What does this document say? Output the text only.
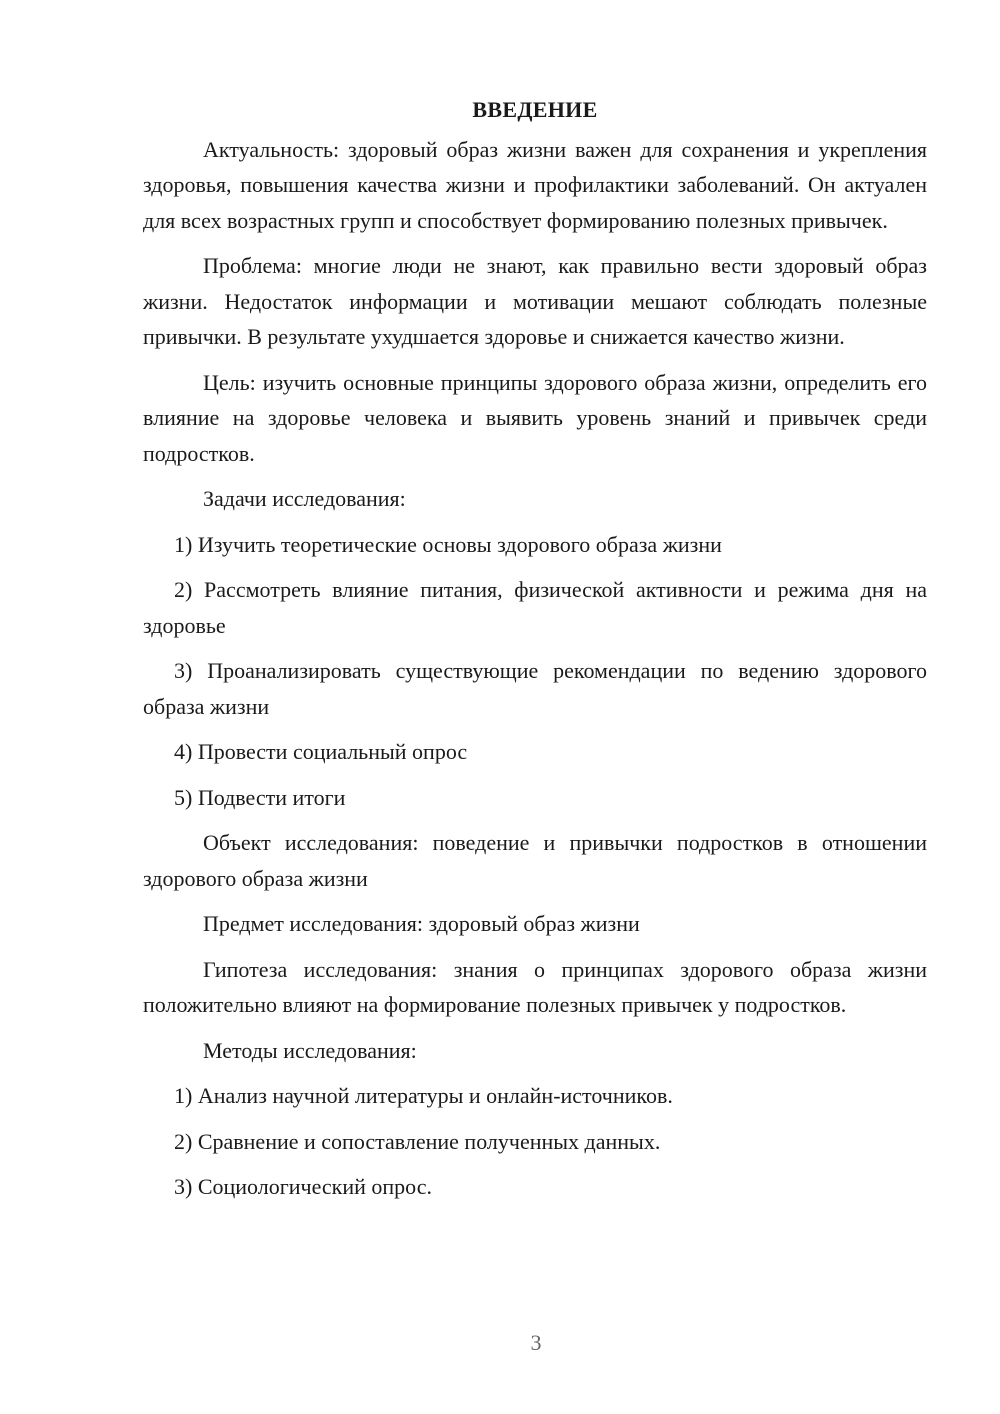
ВВЕДЕНИЕ

Актуальность: здоровый образ жизни важен для сохранения и укрепления здоровья, повышения качества жизни и профилактики заболеваний. Он актуален для всех возрастных групп и способствует формированию полезных привычек.

Проблема: многие люди не знают, как правильно вести здоровый образ жизни. Недостаток информации и мотивации мешают соблюдать полезные привычки. В результате ухудшается здоровье и снижается качество жизни.

Цель: изучить основные принципы здорового образа жизни, определить его влияние на здоровье человека и выявить уровень знаний и привычек среди подростков.

Задачи исследования:

1) Изучить теоретические основы здорового образа жизни

2) Рассмотреть влияние питания, физической активности и режима дня на здоровье

3) Проанализировать существующие рекомендации по ведению здорового образа жизни

4) Провести социальный опрос

5) Подвести итоги

Объект исследования: поведение и привычки подростков в отношении здорового образа жизни

Предмет исследования: здоровый образ жизни

Гипотеза исследования: знания о принципах здорового образа жизни положительно влияют на формирование полезных привычек у подростков.

Методы исследования:

1) Анализ научной литературы и онлайн-источников.

2) Сравнение и сопоставление полученных данных.

3) Социологический опрос.

3
